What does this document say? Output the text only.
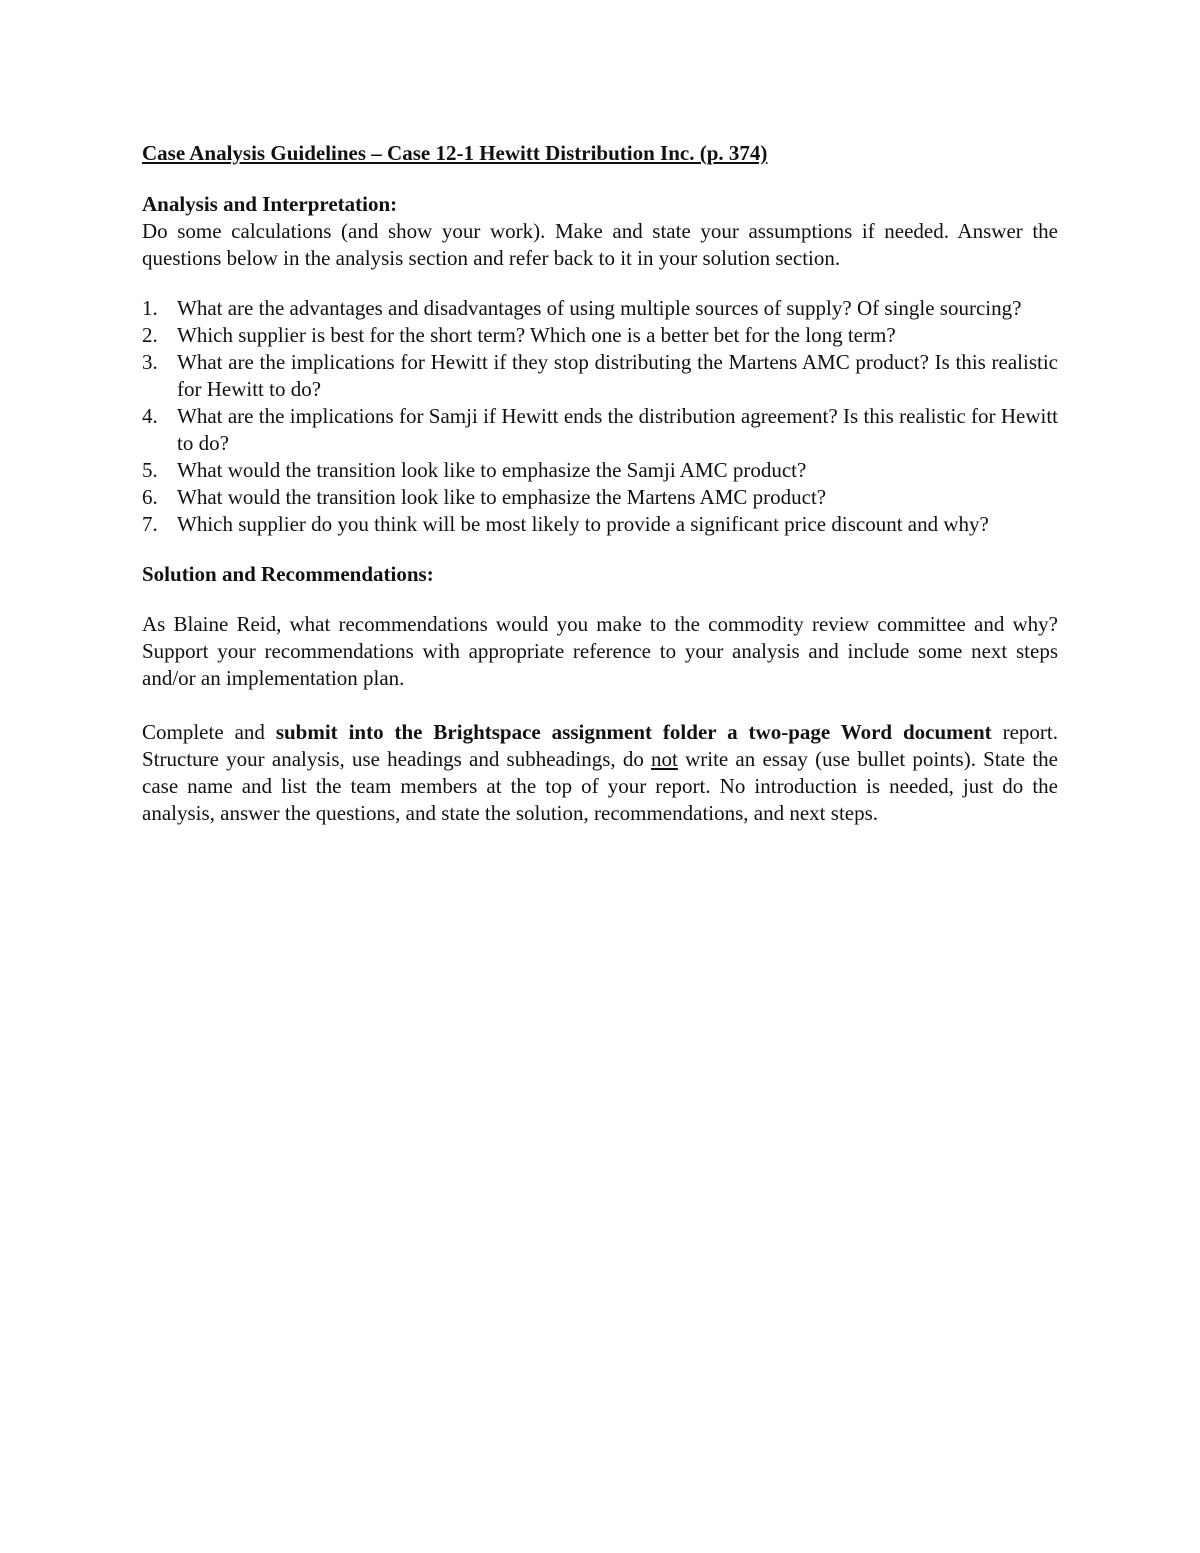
Case Analysis Guidelines – Case 12-1 Hewitt Distribution Inc. (p. 374)

Analysis and Interpretation:

Do some calculations (and show your work). Make and state your assumptions if needed. Answer the questions below in the analysis section and refer back to it in your solution section.

1. What are the advantages and disadvantages of using multiple sources of supply? Of single sourcing?
2. Which supplier is best for the short term? Which one is a better bet for the long term?
3. What are the implications for Hewitt if they stop distributing the Martens AMC product? Is this realistic for Hewitt to do?
4. What are the implications for Samji if Hewitt ends the distribution agreement? Is this realistic for Hewitt to do?
5. What would the transition look like to emphasize the Samji AMC product?
6. What would the transition look like to emphasize the Martens AMC product?
7. Which supplier do you think will be most likely to provide a significant price discount and why?

Solution and Recommendations:

As Blaine Reid, what recommendations would you make to the commodity review committee and why? Support your recommendations with appropriate reference to your analysis and include some next steps and/or an implementation plan.

Complete and submit into the Brightspace assignment folder a two-page Word document report. Structure your analysis, use headings and subheadings, do not write an essay (use bullet points). State the case name and list the team members at the top of your report. No introduction is needed, just do the analysis, answer the questions, and state the solution, recommendations, and next steps.
